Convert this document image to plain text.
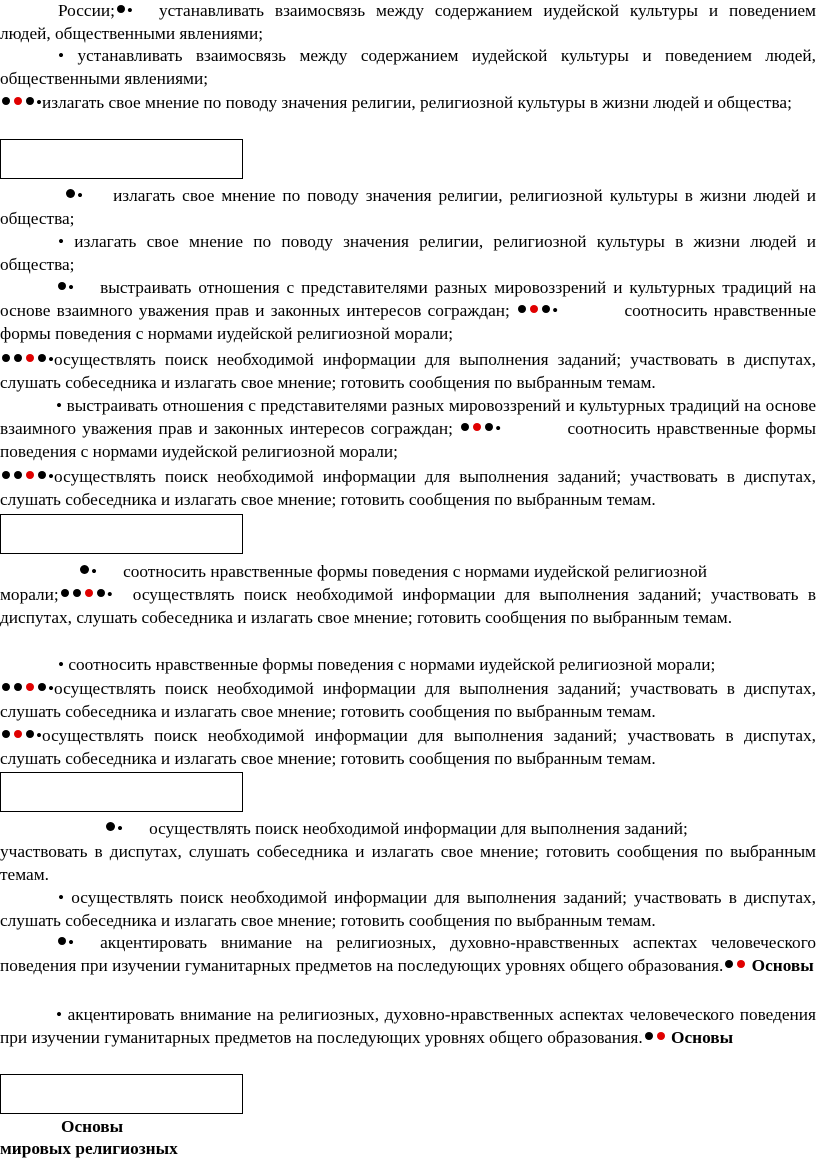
России; • устанавливать взаимосвязь между содержанием иудейской культуры и поведением людей, общественными явлениями;

• устанавливать взаимосвязь между содержанием иудейской культуры и поведением людей, общественными явлениями;

•излагать свое мнение по поводу значения религии, религиозной культуры в жизни людей и общества;

• излагать свое мнение по поводу значения религии, религиозной культуры в жизни людей и общества;

• излагать свое мнение по поводу значения религии, религиозной культуры в жизни людей и общества;

• выстраивать отношения с представителями разных мировоззрений и культурных традиций на основе взаимного уважения прав и законных интересов сограждан; •	соотносить нравственные формы поведения с нормами иудейской религиозной морали;

•осуществлять поиск необходимой информации для выполнения заданий; участвовать в диспутах, слушать собеседника и излагать свое мнение; готовить сообщения по выбранным темам.

• выстраивать отношения с представителями разных мировоззрений и культурных традиций на основе взаимного уважения прав и законных интересов сограждан; •	соотносить нравственные формы поведения с нормами иудейской религиозной морали;

•осуществлять поиск необходимой информации для выполнения заданий; участвовать в диспутах, слушать собеседника и излагать свое мнение; готовить сообщения по выбранным темам.

• соотносить нравственные формы поведения с нормами иудейской религиозной
морали;	• осуществлять поиск необходимой информации для выполнения заданий; участвовать в диспутах, слушать собеседника и излагать свое мнение; готовить сообщения по выбранным темам.

• соотносить нравственные формы поведения с нормами иудейской религиозной морали;

•осуществлять поиск необходимой информации для выполнения заданий; участвовать в диспутах, слушать собеседника и излагать свое мнение; готовить сообщения по выбранным темам.

•осуществлять поиск необходимой информации для выполнения заданий; участвовать в диспутах, слушать собеседника и излагать свое мнение; готовить сообщения по выбранным темам.

• осуществлять поиск необходимой информации для выполнения заданий;
участвовать в диспутах, слушать собеседника и излагать свое мнение; готовить сообщения по выбранным темам.

• осуществлять поиск необходимой информации для выполнения заданий; участвовать в диспутах, слушать собеседника и излагать свое мнение; готовить сообщения по выбранным темам.

• акцентировать внимание на религиозных, духовно-нравственных аспектах человеческого поведения при изучении гуманитарных предметов на последующих уровнях общего образования. Основы

• акцентировать внимание на религиозных, духовно-нравственных аспектах человеческого поведения при изучении гуманитарных предметов на последующих уровнях общего образования. Основы

Основы

мировых религиозных
